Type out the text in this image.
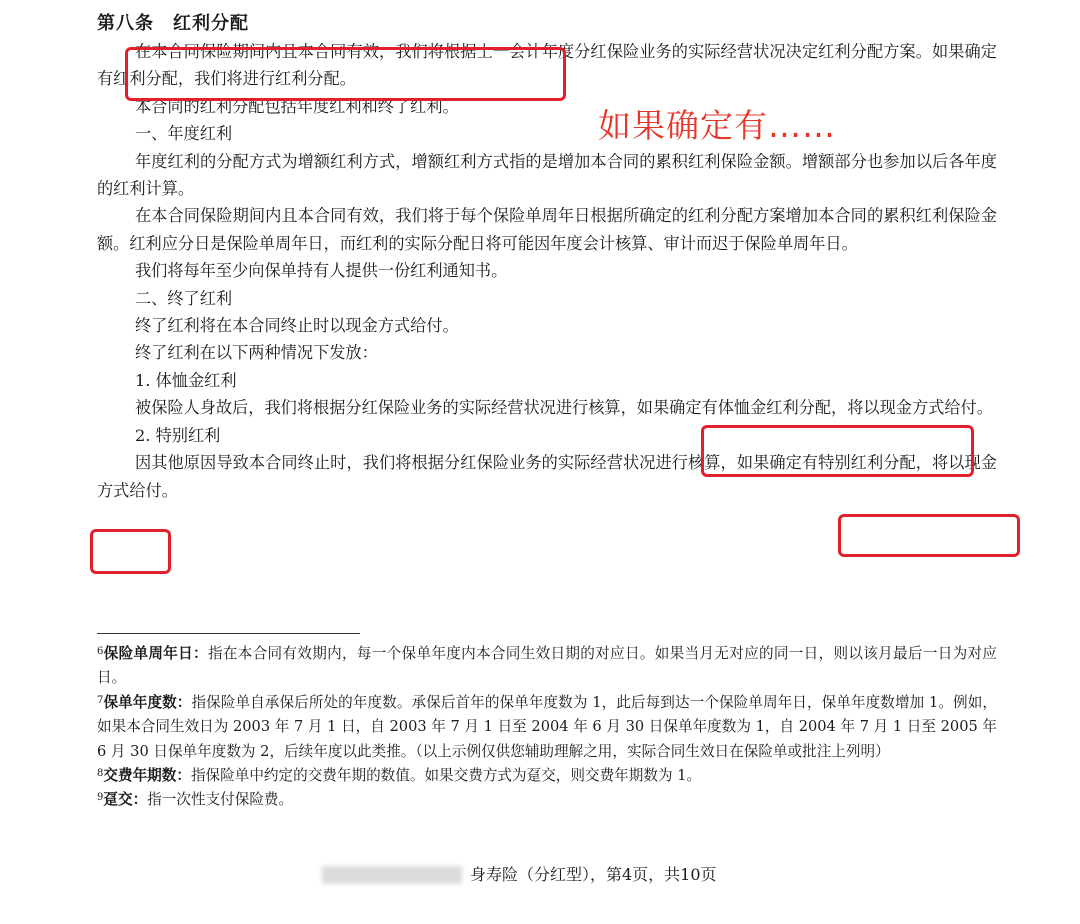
第八条　红利分配

在本合同保险期间内且本合同有效，我们将根据上一会计年度分红保险业务的实际经营状况决定红利分配方案。如果确定有红利分配，我们将进行红利分配。

本合同的红利分配包括年度红利和终了红利。

一、年度红利

年度红利的分配方式为增额红利方式，增额红利方式指的是增加本合同的累积红利保险金额。增额部分也参加以后各年度的红利计算。

在本合同保险期间内且本合同有效，我们将于每个保险单周年日根据所确定的红利分配方案增加本合同的累积红利保险金额。红利应分日是保险单周年日，而红利的实际分配日将可能因年度会计核算、审计而迟于保险单周年日。

我们将每年至少向保单持有人提供一份红利通知书。

二、终了红利

终了红利将在本合同终止时以现金方式给付。

终了红利在以下两种情况下发放：

1. 体恤金红利

被保险人身故后，我们将根据分红保险业务的实际经营状况进行核算，如果确定有体恤金红利分配，将以现金方式给付。

2. 特别红利

因其他原因导致本合同终止时，我们将根据分红保险业务的实际经营状况进行核算，如果确定有特别红利分配，将以现金方式给付。

如果确定有……

$^6$保险单周年日：指在本合同有效期内，每一个保单年度内本合同生效日期的对应日。如果当月无对应的同一日，则以该月最后一日为对应日。

$^7$保单年度数：指保险单自承保后所处的年度数。承保后首年的保单年度数为 1，此后每到达一个保险单周年日，保单年度数增加 1。例如，如果本合同生效日为 2003 年 7 月 1 日，自 2003 年 7 月 1 日至 2004 年 6 月 30 日保单年度数为 1，自 2004 年 7 月 1 日至 2005 年 6 月 30 日保单年度数为 2，后续年度以此类推。（以上示例仅供您辅助理解之用，实际合同生效日在保险单或批注上列明）

$^8$交费年期数：指保险单中约定的交费年期的数值。如果交费方式为趸交，则交费年期数为 1。

$^9$趸交：指一次性支付保险费。

身寿险（分红型），第4页，共10页
